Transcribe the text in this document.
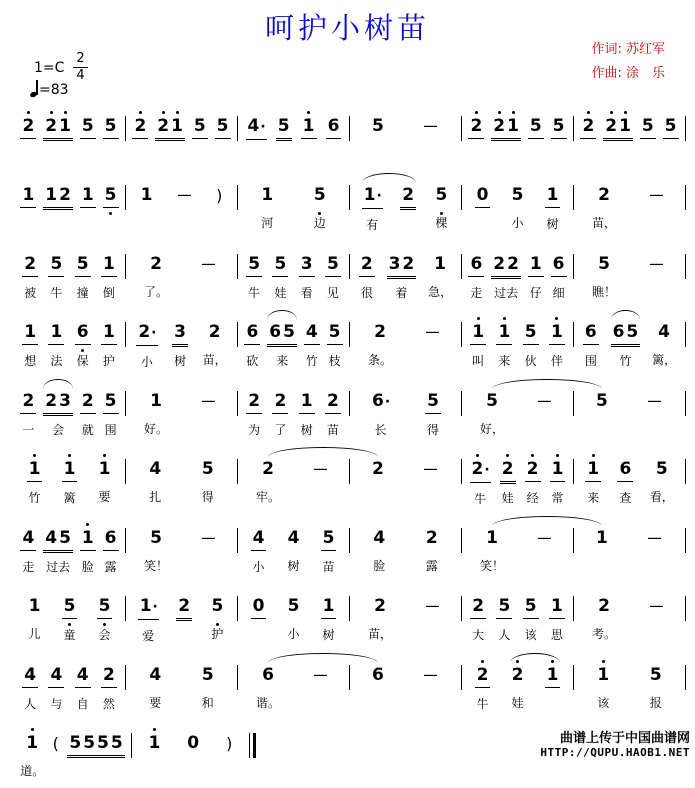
呵护小树苗
作词: 苏红军
作曲: 涂　乐
$1=C \frac{2}{4}$
=83
2 2 1 5 5 2 2 1 5 5 4· 5 1 6 5 — 2 2 1 5 5 2 2 1 5 5
1 1 2 1 5 1 — ) 1
河
5
边
1·
有
2 5
棵
0 5
小
1
树
2
苗，
—
2
被
5
牛
5
撞
1
倒
2
了。
— 5
牛
5
娃
3
看
5
见
2
很
3 2
着
1
急，
6
走
2 2
过去
1
仔
6
细
5
瞧！
—
1
想
1
法
6
保
1
护
2·
小
3
树
2
苗，
6
砍
6 5
来
4
竹
5
枝
2
条。
— 1
叫
1
来
5
伙
1
伴
6
围
6 5
竹
4
篱，
2
一
2 3
会
2
就
5
围
1
好。
— 2
为
2
了
1
树
2
苗
6·
长
5
得
5
好，
—	5 —
1
竹
1
篱
1
要
4
扎
5
得
2
牢。
—	2 — 2·
牛
2
娃
2
经
1
常
1
来
6
查
5
看，
4
走
4 5
过去
1
脸
6
露
5
笑！
— 4
小
4
树
5
苗
4
脸
2
露
1
笑！
—	1 —
1
儿
5
童
5
会
1·
爱
2 5
护
0 5
小
1
树
2
苗，
— 2
大
5
人
5
该
1
思
2
考。
—
4
人
4
与
4
自
2
然
4
要
5
和
6
谐。
—	6 — 2
牛
2
娃
1 1
该
5
报
1
道。
( 5 5 5 5 1 0 )	曲谱上传于中国曲谱网
HTTP://QUPU.HAOB1.NET
